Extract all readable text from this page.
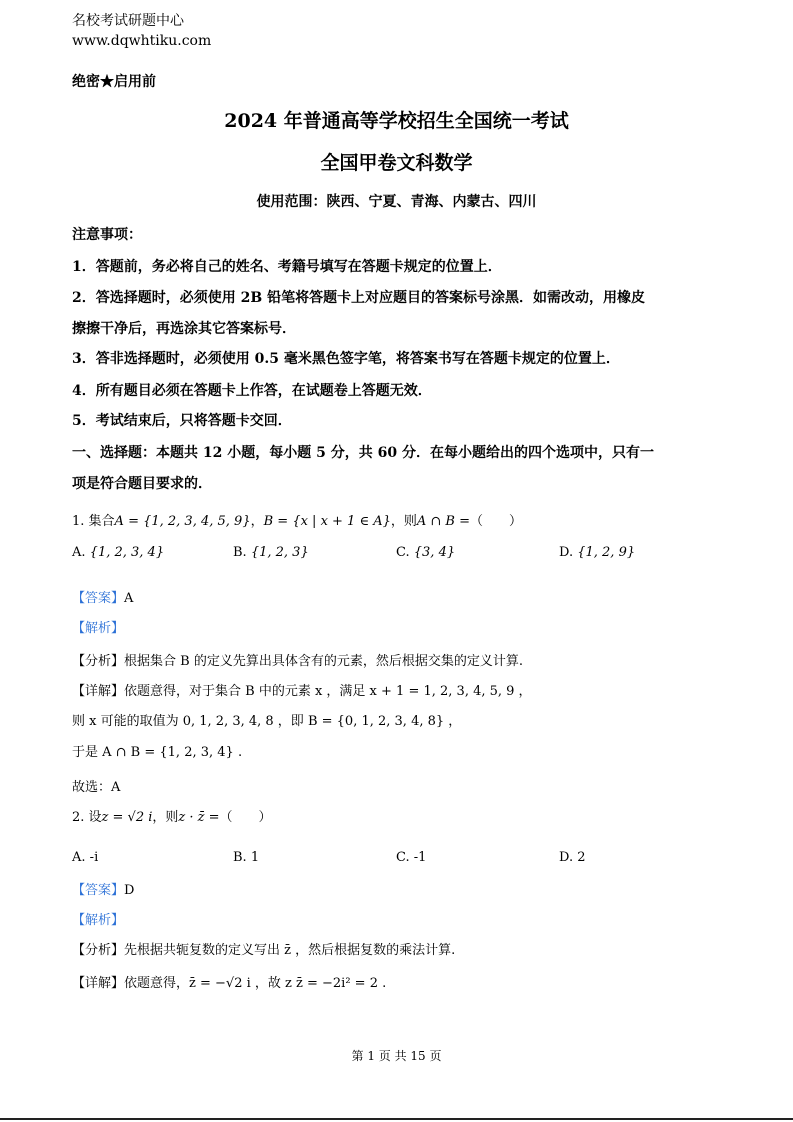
名校考试研题中心
www.dqwhtiku.com
绝密★启用前
2024 年普通高等学校招生全国统一考试
全国甲卷文科数学
使用范围：陕西、宁夏、青海、内蒙古、四川
注意事项：
1．答题前，务必将自己的姓名、考籍号填写在答题卡规定的位置上．
2．答选择题时，必须使用 2B 铅笔将答题卡上对应题目的答案标号涂黑．如需改动，用橡皮
擦擦干净后，再选涂其它答案标号．
3．答非选择题时，必须使用 0.5 毫米黑色签字笔，将答案书写在答题卡规定的位置上．
4．所有题目必须在答题卡上作答，在试题卷上答题无效．
5．考试结束后，只将答题卡交回．
一、选择题：本题共 12 小题，每小题 5 分，共 60 分．在每小题给出的四个选项中，只有一
项是符合题目要求的．
1. 集合A = {1, 2, 3, 4, 5, 9}，B = {x | x + 1 ∈ A}，则A ∩ B =（　　）
A. {1, 2, 3, 4}	B. {1, 2, 3}	C. {3, 4}	D. {1, 2, 9}
【答案】A
【解析】
【分析】根据集合 B 的定义先算出具体含有的元素，然后根据交集的定义计算.
【详解】依题意得，对于集合 B 中的元素 x ，满足 x + 1 = 1, 2, 3, 4, 5, 9 ，
则 x 可能的取值为 0, 1, 2, 3, 4, 8 ，即 B = {0, 1, 2, 3, 4, 8} ，
于是 A ∩ B = {1, 2, 3, 4} .
故选：A
2. 设z = √2 i，则z · z̄ =（　　）
A. -i	B. 1	C. -1	D. 2
【答案】D
【解析】
【分析】先根据共轭复数的定义写出 z̄ ，然后根据复数的乘法计算.
【详解】依题意得，z̄ = −√2 i ，故 z z̄ = −2i² = 2 .
第 1 页 共 15 页
